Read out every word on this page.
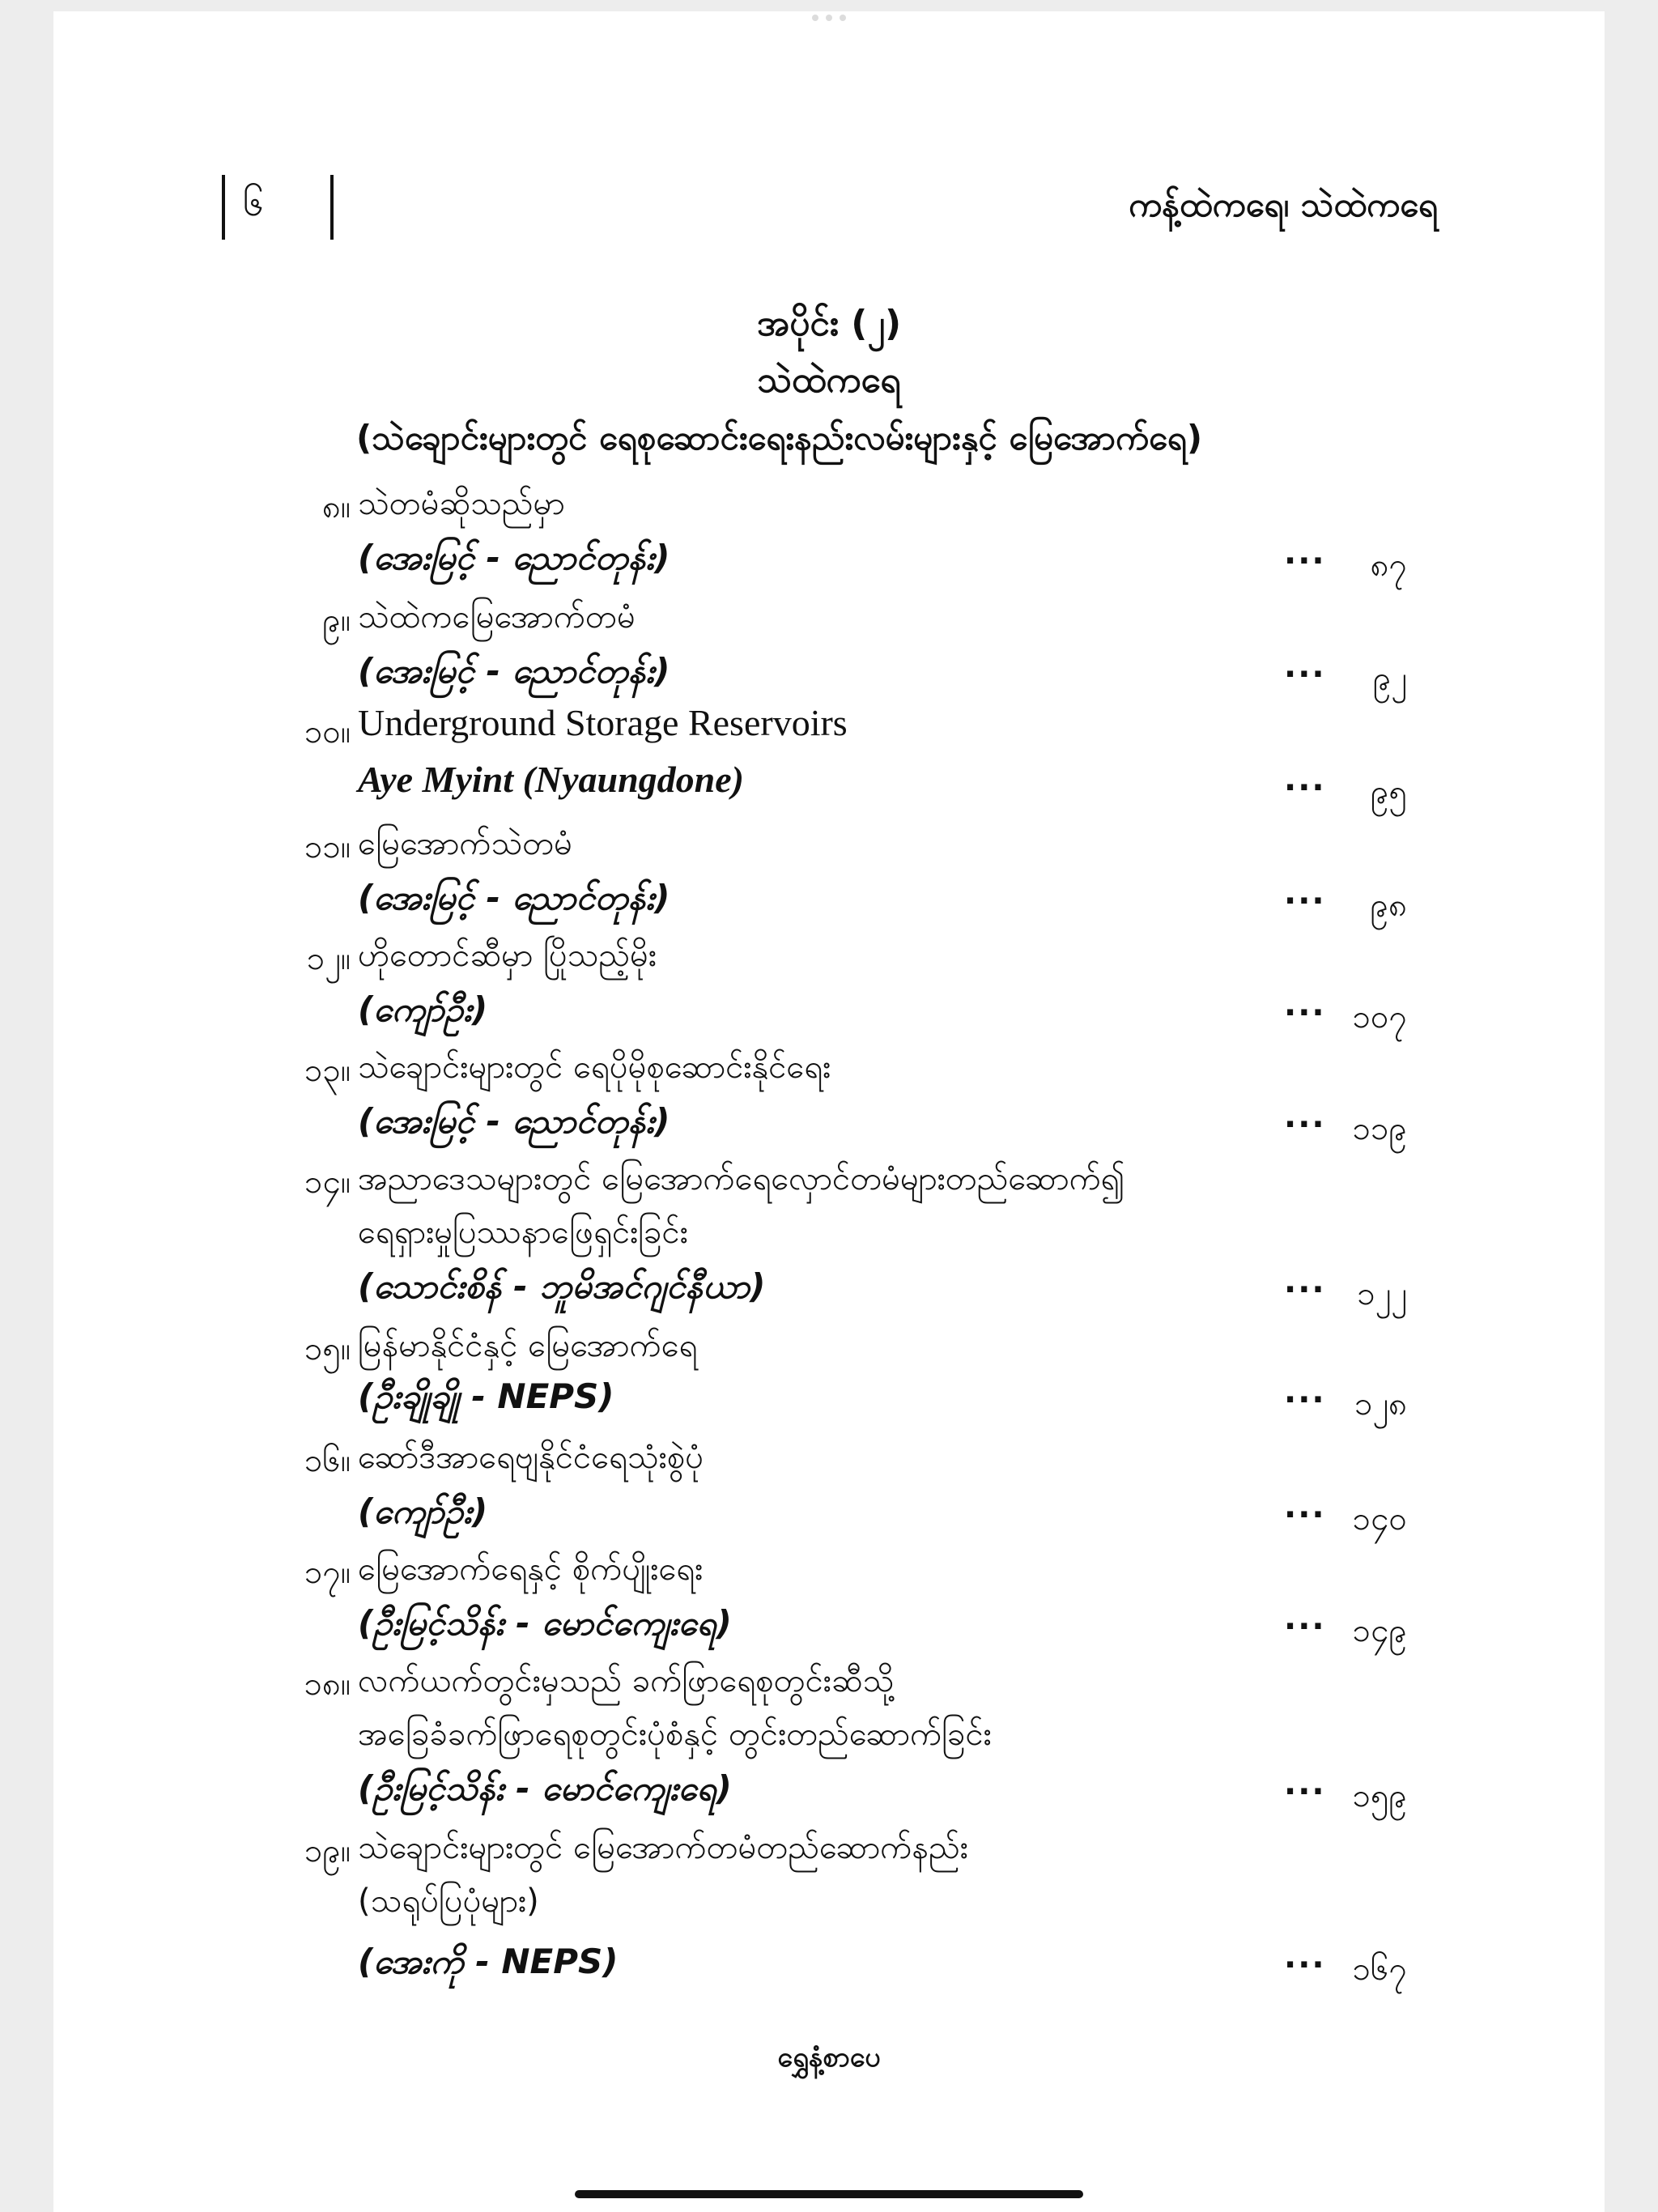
၆	ကန့်ထဲကရေ၊ သဲထဲကရေ
အပိုင်း (၂)
သဲထဲကရေ
(သဲချောင်းများတွင် ရေစုဆောင်းရေးနည်းလမ်းများနှင့် မြေအောက်ရေ)
၈။ သဲတမံဆိုသည်မှာ
(အေးမြင့် - ညောင်တုန်း)	... ၈၇
၉။ သဲထဲကမြေအောက်တမံ
(အေးမြင့် - ညောင်တုန်း)	... ၉၂
၁၀။ Underground Storage Reservoirs
Aye Myint (Nyaungdone)	... ၉၅
၁၁။ မြေအောက်သဲတမံ
(အေးမြင့် - ညောင်တုန်း)	... ၉၈
၁၂။ ဟိုတောင်ဆီမှာ ပြိုသည့်မိုး
(ကျော်ဦး)	... ၁၀၇
၁၃။ သဲချောင်းများတွင် ရေပိုမိုစုဆောင်းနိုင်ရေး
(အေးမြင့် - ညောင်တုန်း)	... ၁၁၉
၁၄။ အညာဒေသများတွင် မြေအောက်ရေလှောင်တမံများတည်ဆောက်၍
ရေရှားမှုပြဿနာဖြေရှင်းခြင်း
(သောင်းစိန် - ဘူမိအင်ဂျင်နီယာ)	... ၁၂၂
၁၅။ မြန်မာနိုင်ငံနှင့် မြေအောက်ရေ
(ဦးချိုချို - NEPS)	... ၁၂၈
၁၆။ ဆော်ဒီအာရေဗျနိုင်ငံရေသုံးစွဲပုံ
(ကျော်ဦး)	... ၁၄၀
၁၇။ မြေအောက်ရေနှင့် စိုက်ပျိုးရေး
(ဦးမြင့်သိန်း - မောင်ကျေးရေ)	... ၁၄၉
၁၈။ လက်ယက်တွင်းမှသည် ခက်ဖြာရေစုတွင်းဆီသို့
အခြေခံခက်ဖြာရေစုတွင်းပုံစံနှင့် တွင်းတည်ဆောက်ခြင်း
(ဦးမြင့်သိန်း - မောင်ကျေးရေ)	... ၁၅၉
၁၉။ သဲချောင်းများတွင် မြေအောက်တမံတည်ဆောက်နည်း
(သရုပ်ပြပုံများ)
(အေးကို - NEPS)	... ၁၆၇
ရွှေနံ့စာပေ
